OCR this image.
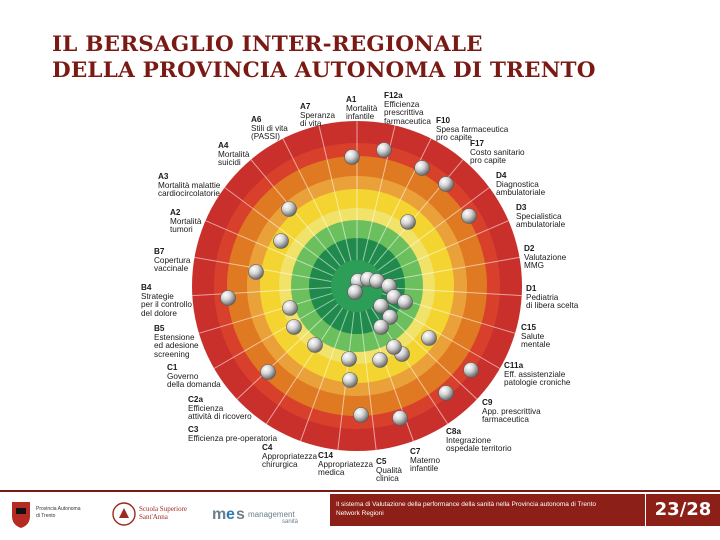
IL BERSAGLIO INTER-REGIONALE
DELLA PROVINCIA AUTONOMA DI TRENTO
A1
Mortalità
infantile
F12a
Efficienza
prescrittiva
farmaceutica F10
Spesa farmaceutica
pro capite
F17
Costo sanitario
pro capite
D4
Diagnostica
ambulatoriale
D3
Specialistica
ambulatoriale
D2
Valutazione
MMG
D1
Pediatria
di libera scelta
C15
Salute
mentale
C11a
Eff. assistenziale
patologie croniche
C9
App. prescrittiva
farmaceutica
C8a
Integrazione
ospedale territorio
C7
Materno
infantile
C5
Qualità
clinica
C14
Appropriatezza
medica
C4
Appropriatezza
chirurgica
C3
Efficienza pre-operatoria
C2a
Efficienza
attività di ricovero
C1
Governo
della domanda
B5
Estensione
ed adesione
screening
B4
Strategie
per il controllo
del dolore
B7
Copertura
vaccinale
A2
Mortalità
tumori
A3
Mortalità malattie
cardiocircolatorie
A4
Mortalità
suicidi
A6
Stili di vita
(PASSI)
A7
Speranza
di vita
Provincia Autonoma
di Trento
Scuola Superiore
Sant'Anna	m e s management
sanità
Il sistema di Valutazione della performance della sanità nella Provincia autonoma di Trento
Network Regioni	23/28
